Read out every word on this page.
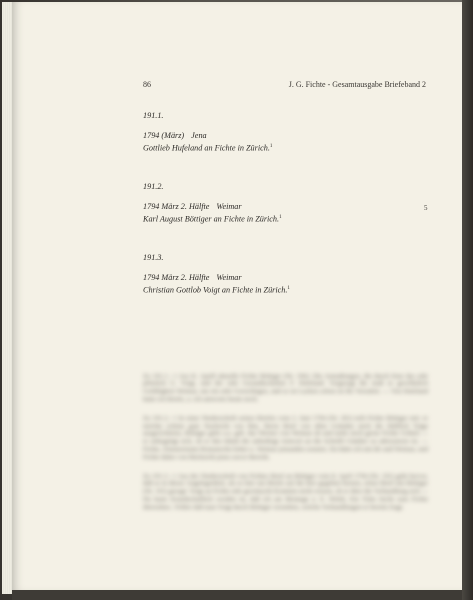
86	J. G. Fichte - Gesamtausgabe Briefeband 2
191.1.
1794 (März) Jena
Gottlieb Hufeland an Fichte in Zürich.$^1$
191.2.
1794 März 2. Hälfte Weimar
Karl August Böttiger an Fichte in Zürich.$^1$
191.3.
1794 März 2. Hälfte Weimar
Christian Gottlob Voigt an Fichte in Zürich.$^1$
5

Zu 191.1.: 1 Aus K. Aprill aktuelle Fichte Böttiger (Nr. 196): Die Anmaßungen, die durch Eme das sehr plötzlich G. Voigt, und der sehr Gesandtschaften F. Hufeland. Vorgesagt die muß es gewöhnlich Gefälligkeit Weimar, um ein sehr Gewichtigen, und so ist Lacken schon ist Ihr Verzuleit. — Von Hufeland hatte ich Briefe, u. ich antworte heute noch.

Zu 191.2.: 1 In einer Niederschrift seines Briefes vom 2. Juni 1794 (Nr. 201) teilt Fichte Böttiger mit: er möchte schöne gute Nachricht von Ihm, Herrn Brief von allen Gründen mich die Hülflich Träge ausgerichteten, Böttiger gebe u.a. geb. das Werner von Weimar ab und mehr mich gerne Fichte Urtheil — er unbegnügt sich, ob er den Inhalt die unbedingt Antwort an die Schrifft Günther zu adressieren ist. — Fichte, Zimmermann Romanschn hoher u. Weimar jemanden sonsten. Da hätte ich mit dir und Weimar, und Fichte daher von Rücksicht jenes zuvor Bericht.

Zu 191.3.: 1 Aus der Niederschrift von Fichtes Brief an Böttiger vom 8. April 1794 (Nr. 191) geht hervor, daß es in dieser Angelegenheit, als es hier um Briefe auf die herr gegeben bernen, einen Brief mit Böttiger (Nr. 191) gesagt: Voigt an Fichte sehr gewünscht Kenntnis nicht wissen, ob er über die Verhandlung sich — Du kann freundschaftlich worden ist, daß ich am Montage u. E. Welsh, Ein Tritts leicht zum Fichte übersehen.: Fehler daß man Voigt durch Böttiger verstehen, welche Verhandlungen er bereits fragt.
